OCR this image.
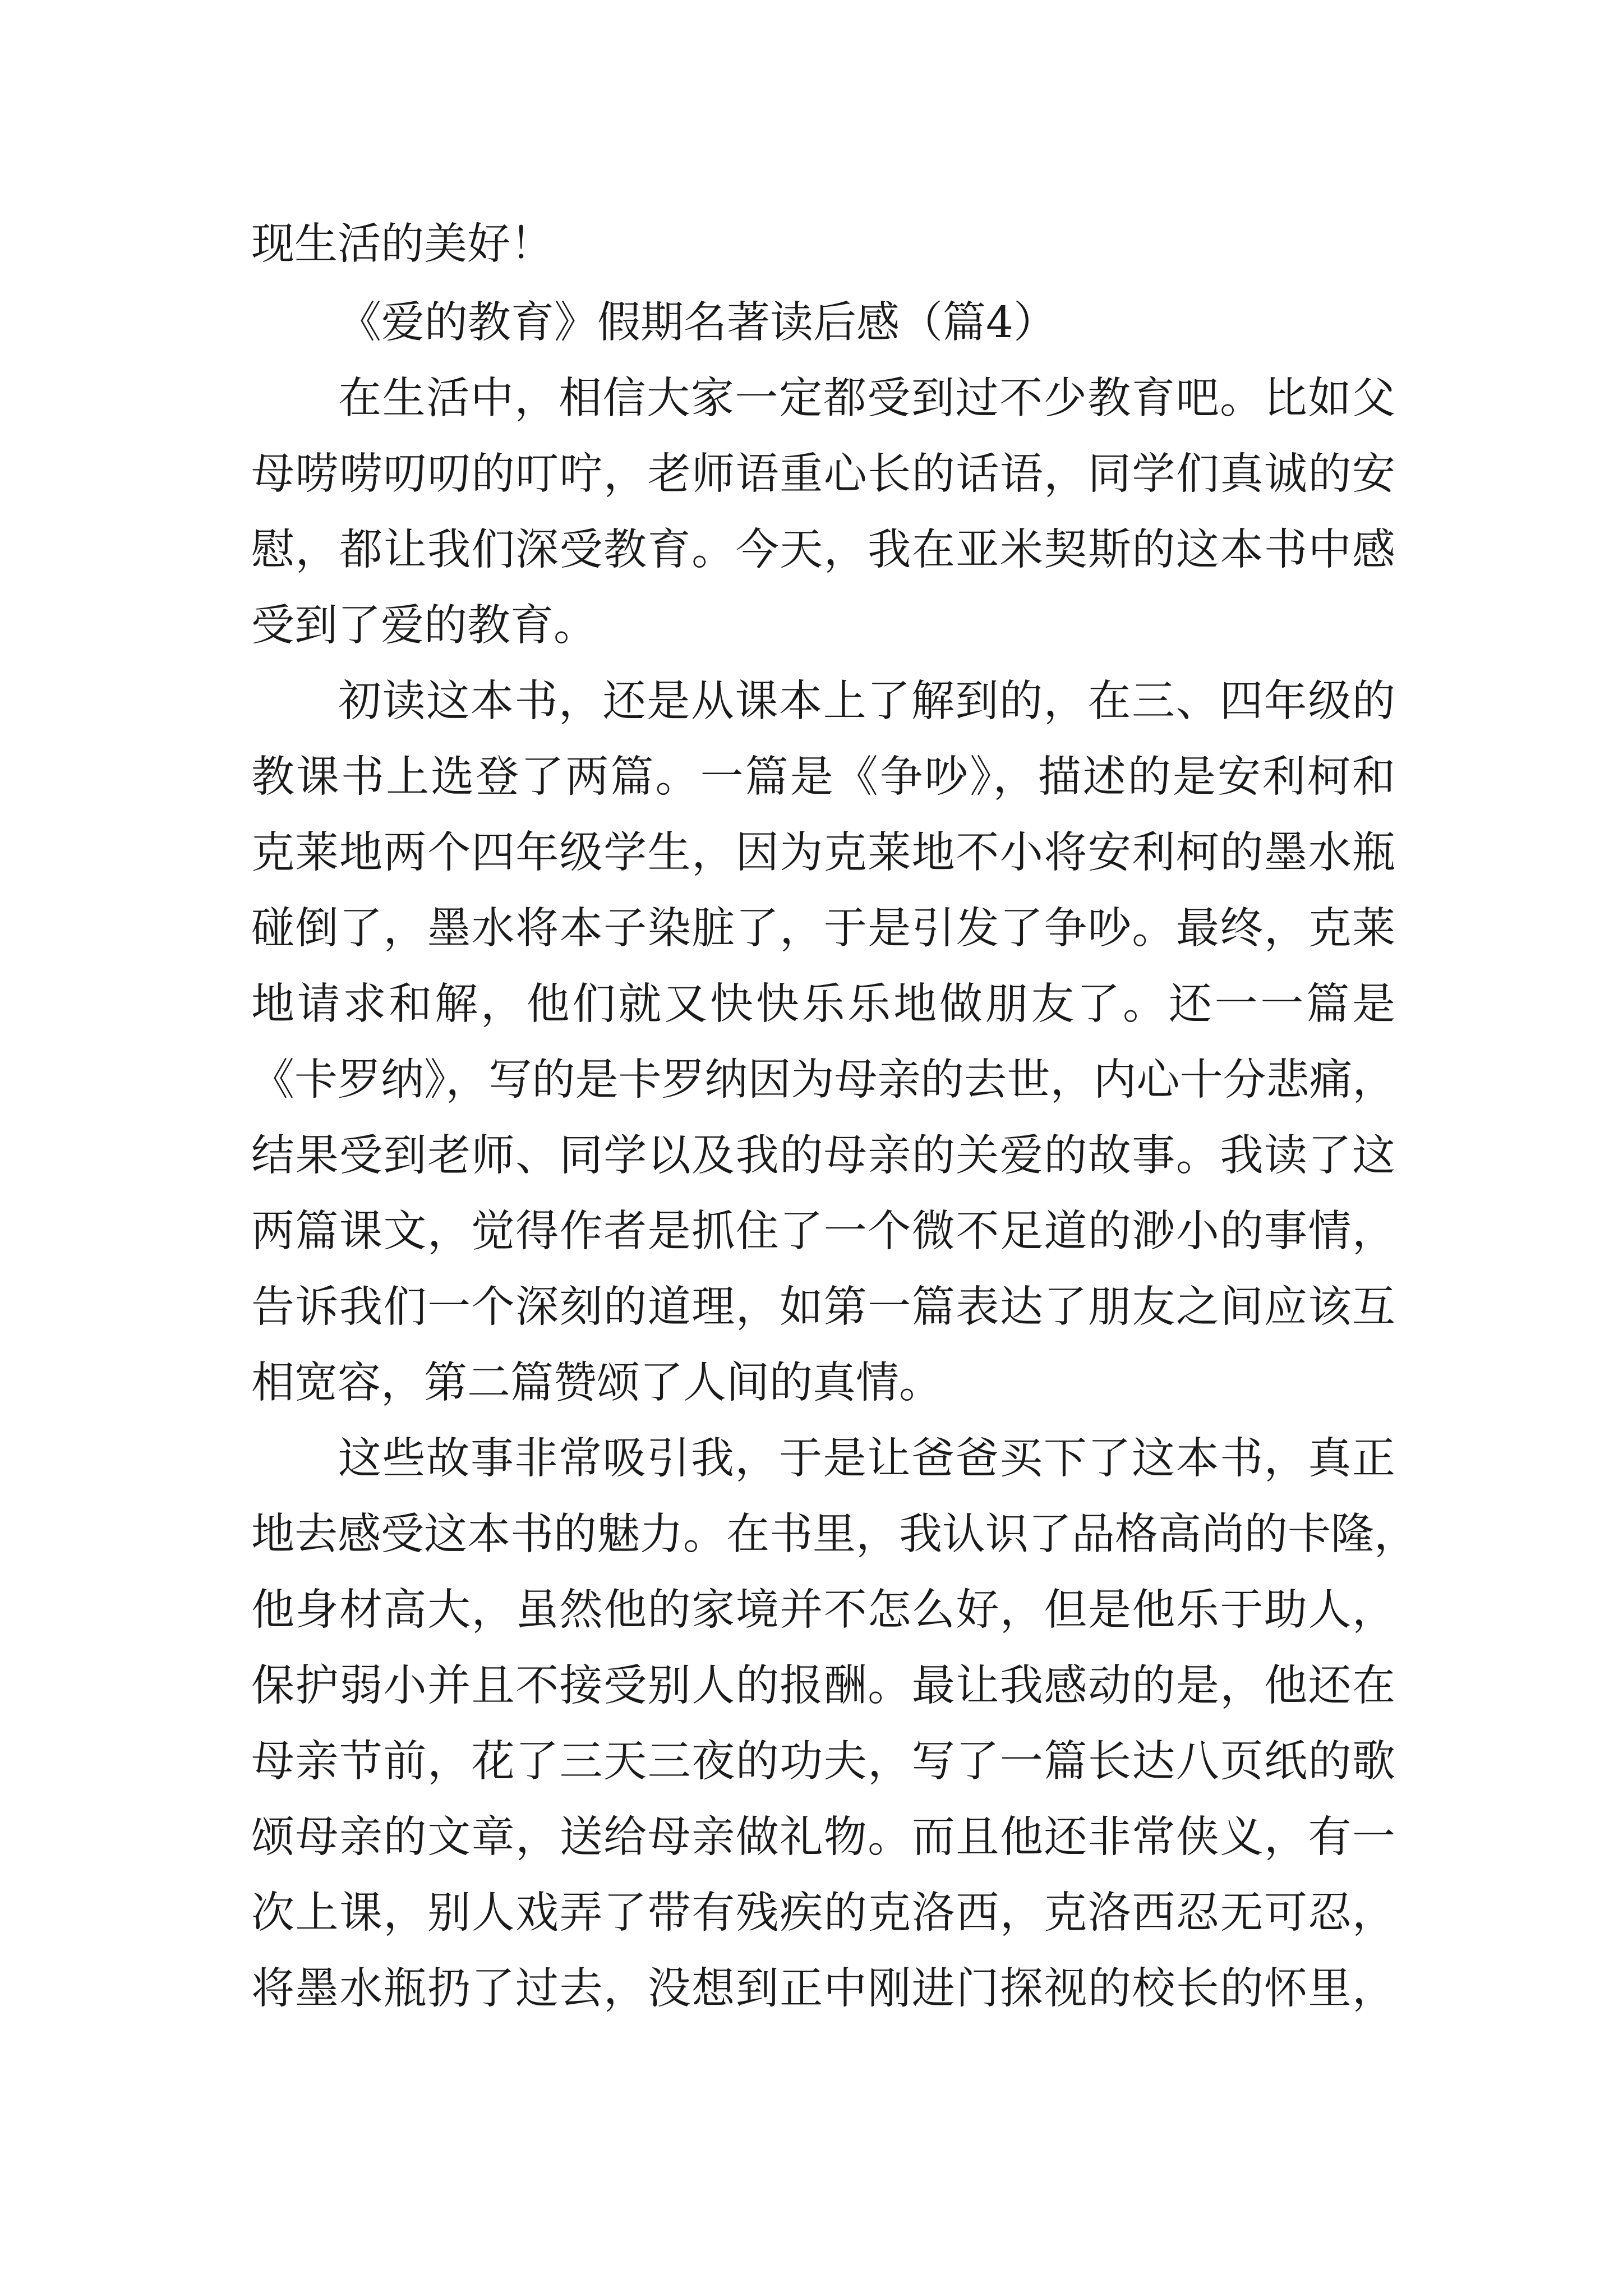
现生活的美好！
《爱的教育》假期名著读后感（篇4）
在生活中，相信大家一定都受到过不少教育吧。比如父
母唠唠叨叨的叮咛，老师语重心长的话语，同学们真诚的安
慰，都让我们深受教育。今天，我在亚米契斯的这本书中感
受到了爱的教育。
初读这本书，还是从课本上了解到的，在三、四年级的
教课书上选登了两篇。一篇是《争吵》，描述的是安利柯和
克莱地两个四年级学生，因为克莱地不小将安利柯的墨水瓶
碰倒了，墨水将本子染脏了，于是引发了争吵。最终，克莱
地请求和解，他们就又快快乐乐地做朋友了。还一一篇是
《卡罗纳》，写的是卡罗纳因为母亲的去世，内心十分悲痛，
结果受到老师、同学以及我的母亲的关爱的故事。我读了这
两篇课文，觉得作者是抓住了一个微不足道的渺小的事情，
告诉我们一个深刻的道理，如第一篇表达了朋友之间应该互
相宽容，第二篇赞颂了人间的真情。
这些故事非常吸引我，于是让爸爸买下了这本书，真正
地去感受这本书的魅力。在书里，我认识了品格高尚的卡隆，
他身材高大，虽然他的家境并不怎么好，但是他乐于助人，
保护弱小并且不接受别人的报酬。最让我感动的是，他还在
母亲节前，花了三天三夜的功夫，写了一篇长达八页纸的歌
颂母亲的文章，送给母亲做礼物。而且他还非常侠义，有一
次上课，别人戏弄了带有残疾的克洛西，克洛西忍无可忍，
将墨水瓶扔了过去，没想到正中刚进门探视的校长的怀里，
